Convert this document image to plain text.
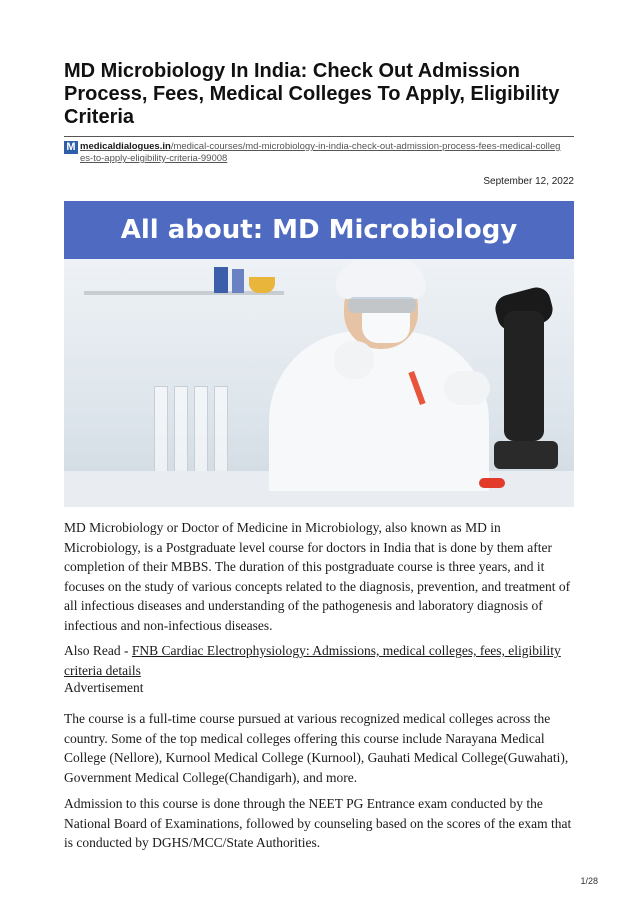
MD Microbiology In India: Check Out Admission Process, Fees, Medical Colleges To Apply, Eligibility Criteria
M medicaldialogues.in/medical-courses/md-microbiology-in-india-check-out-admission-process-fees-medical-colleges-to-apply-eligibility-criteria-99008
September 12, 2022
All about: MD Microbiology

MD Microbiology or Doctor of Medicine in Microbiology, also known as MD in Microbiology, is a Postgraduate level course for doctors in India that is done by them after completion of their MBBS. The duration of this postgraduate course is three years, and it focuses on the study of various concepts related to the diagnosis, prevention, and treatment of all infectious diseases and understanding of the pathogenesis and laboratory diagnosis of infectious and non-infectious diseases.

Also Read - FNB Cardiac Electrophysiology: Admissions, medical colleges, fees, eligibility criteria details

Advertisement

The course is a full-time course pursued at various recognized medical colleges across the country. Some of the top medical colleges offering this course include Narayana Medical College (Nellore), Kurnool Medical College (Kurnool), Gauhati Medical College(Guwahati), Government Medical College(Chandigarh), and more.

Admission to this course is done through the NEET PG Entrance exam conducted by the National Board of Examinations, followed by counseling based on the scores of the exam that is conducted by DGHS/MCC/State Authorities.

1/28
